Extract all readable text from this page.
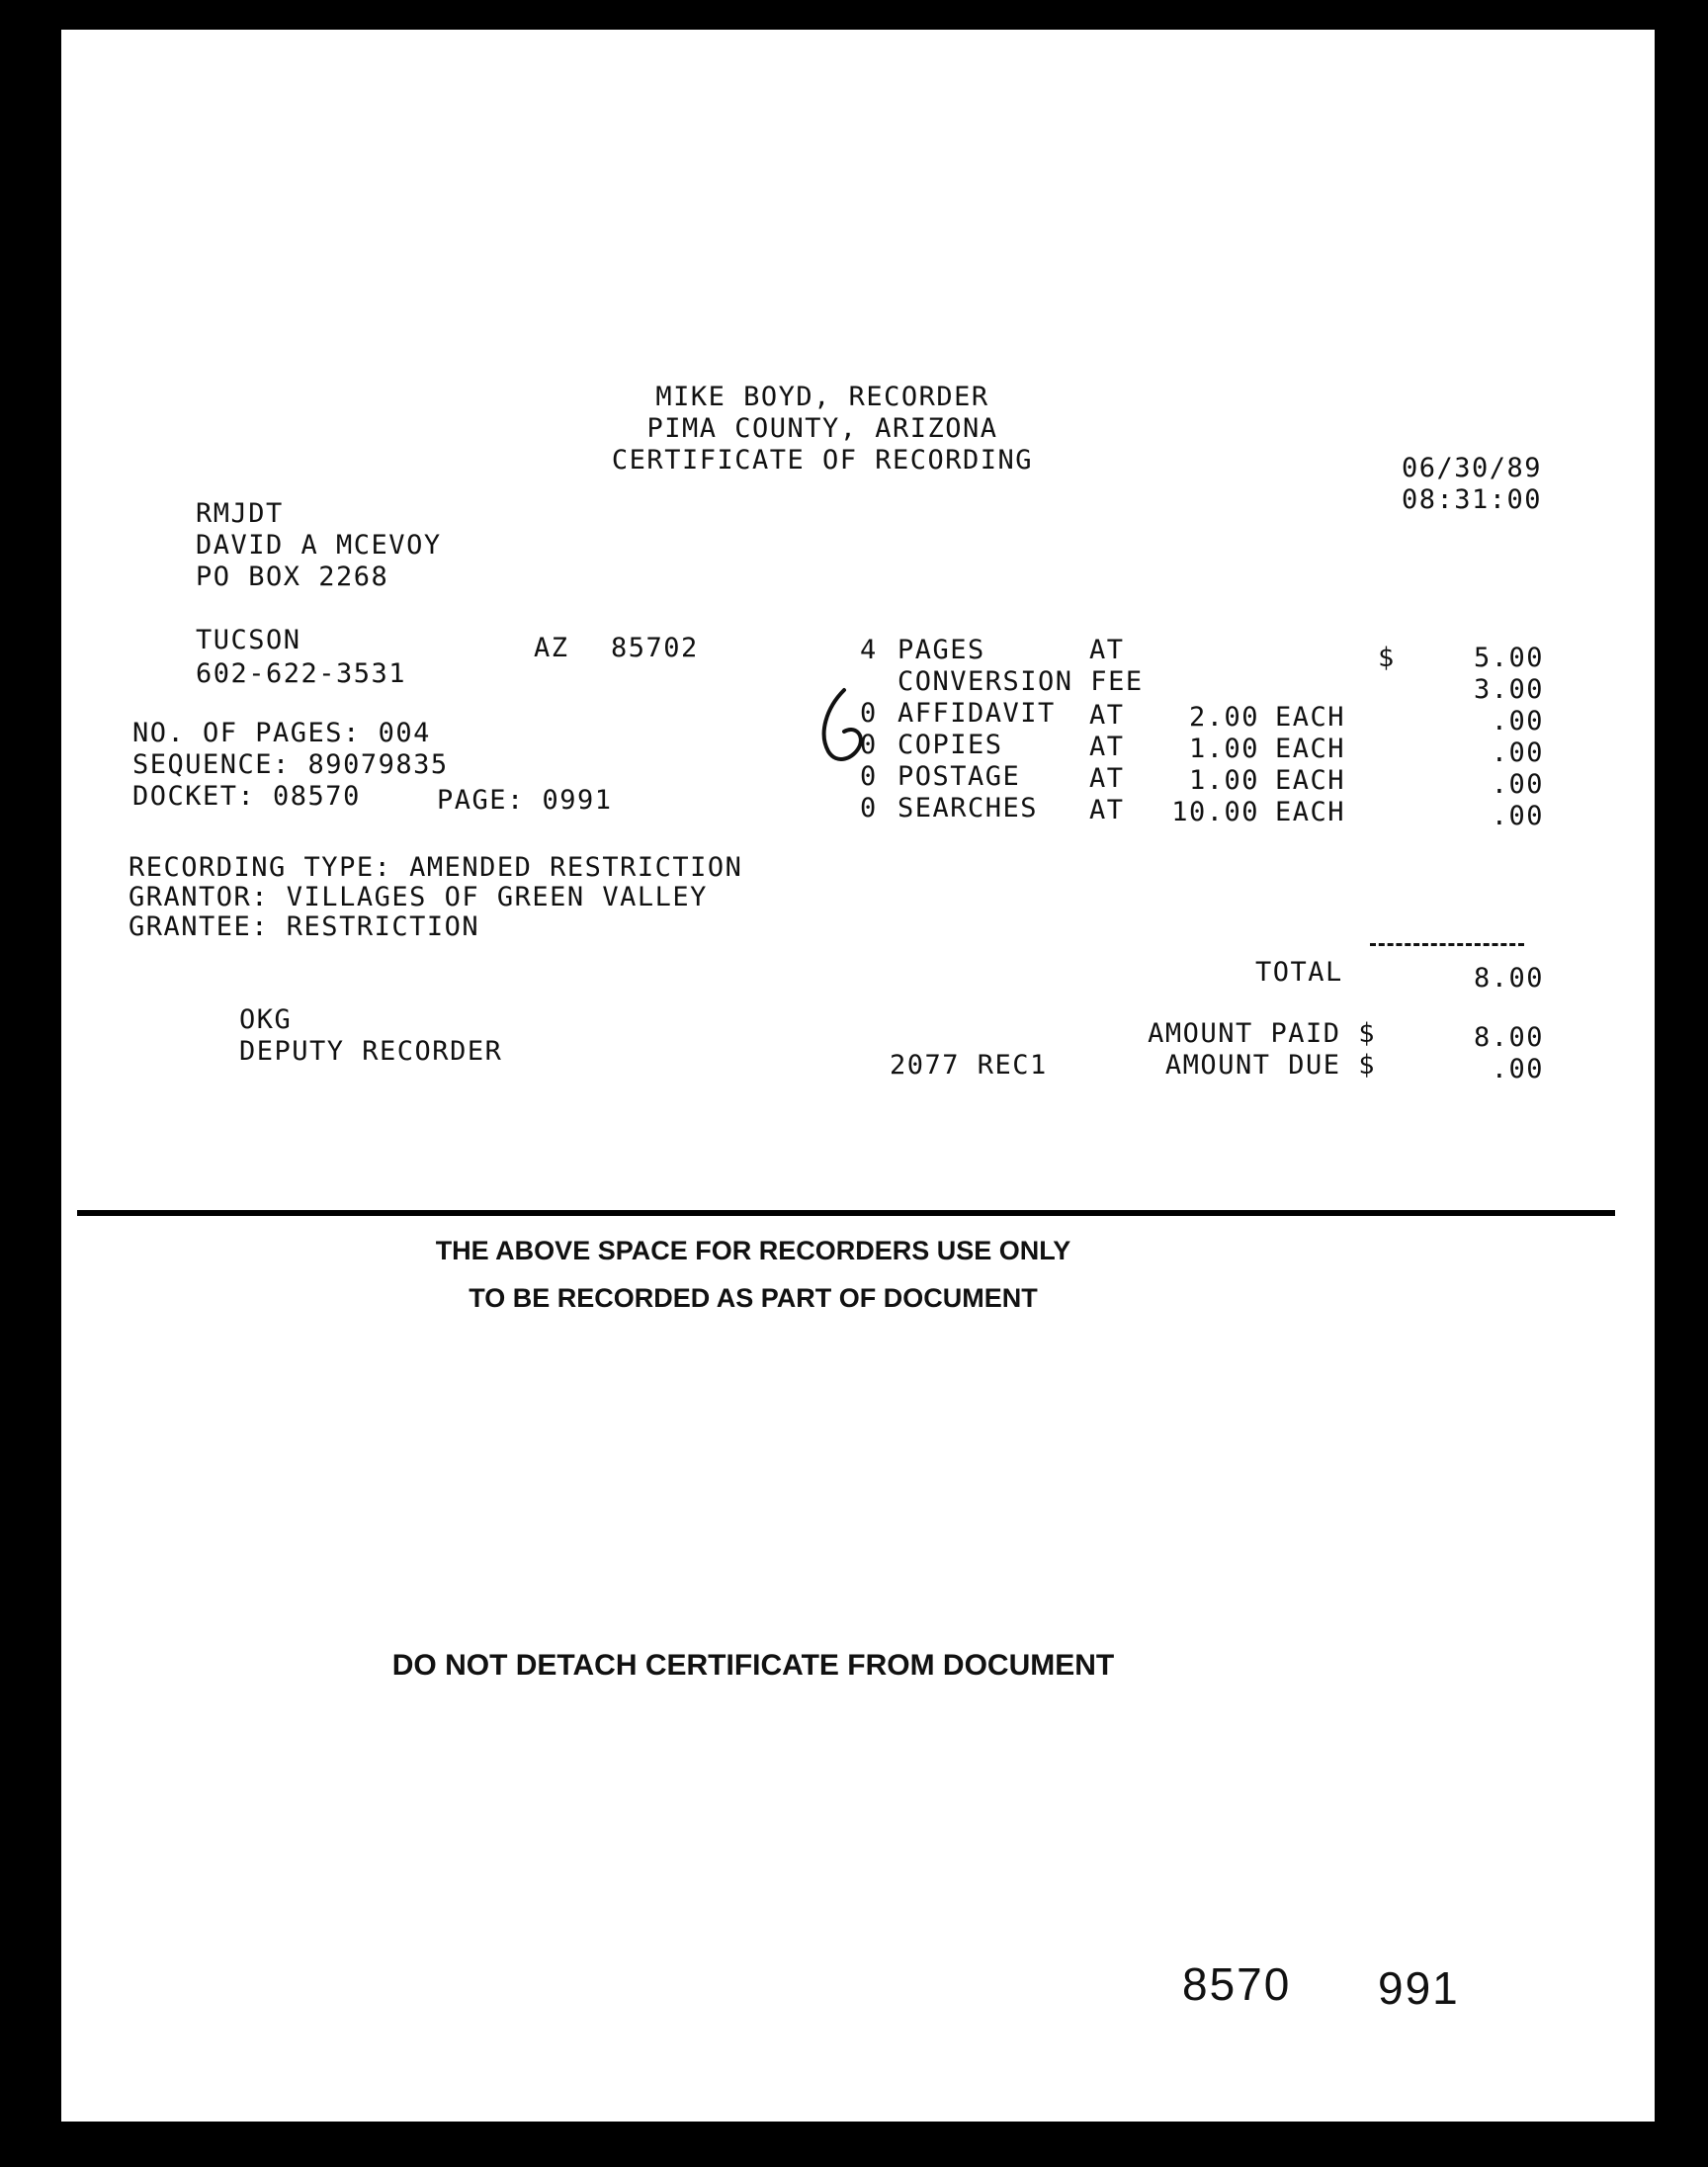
MIKE BOYD, RECORDER
PIMA COUNTY, ARIZONA
CERTIFICATE OF RECORDING	06/30/89
08:31:00
RMJDT
DAVID A MCEVOY
PO BOX 2268
TUCSON	AZ 85702
602-622-3531
NO. OF PAGES: 004
SEQUENCE: 89079835
DOCKET: 08570	PAGE: 0991
RECORDING TYPE: AMENDED RESTRICTION
GRANTOR: VILLAGES OF GREEN VALLEY
GRANTEE: RESTRICTION
4 PAGES	AT	$	5.00
CONVERSION FEE	3.00
0 AFFIDAVIT AT	2.00 EACH	.00
0 COPIES	AT	1.00 EACH	.00
0 POSTAGE	AT	1.00 EACH	.00
0 SEARCHES AT	10.00 EACH	.00
TOTAL	8.00
AMOUNT PAID $	8.00
2077 REC1	AMOUNT DUE $	.00
OKG
DEPUTY RECORDER
THE ABOVE SPACE FOR RECORDERS USE ONLY
TO BE RECORDED AS PART OF DOCUMENT
DO NOT DETACH CERTIFICATE FROM DOCUMENT
8570 991
